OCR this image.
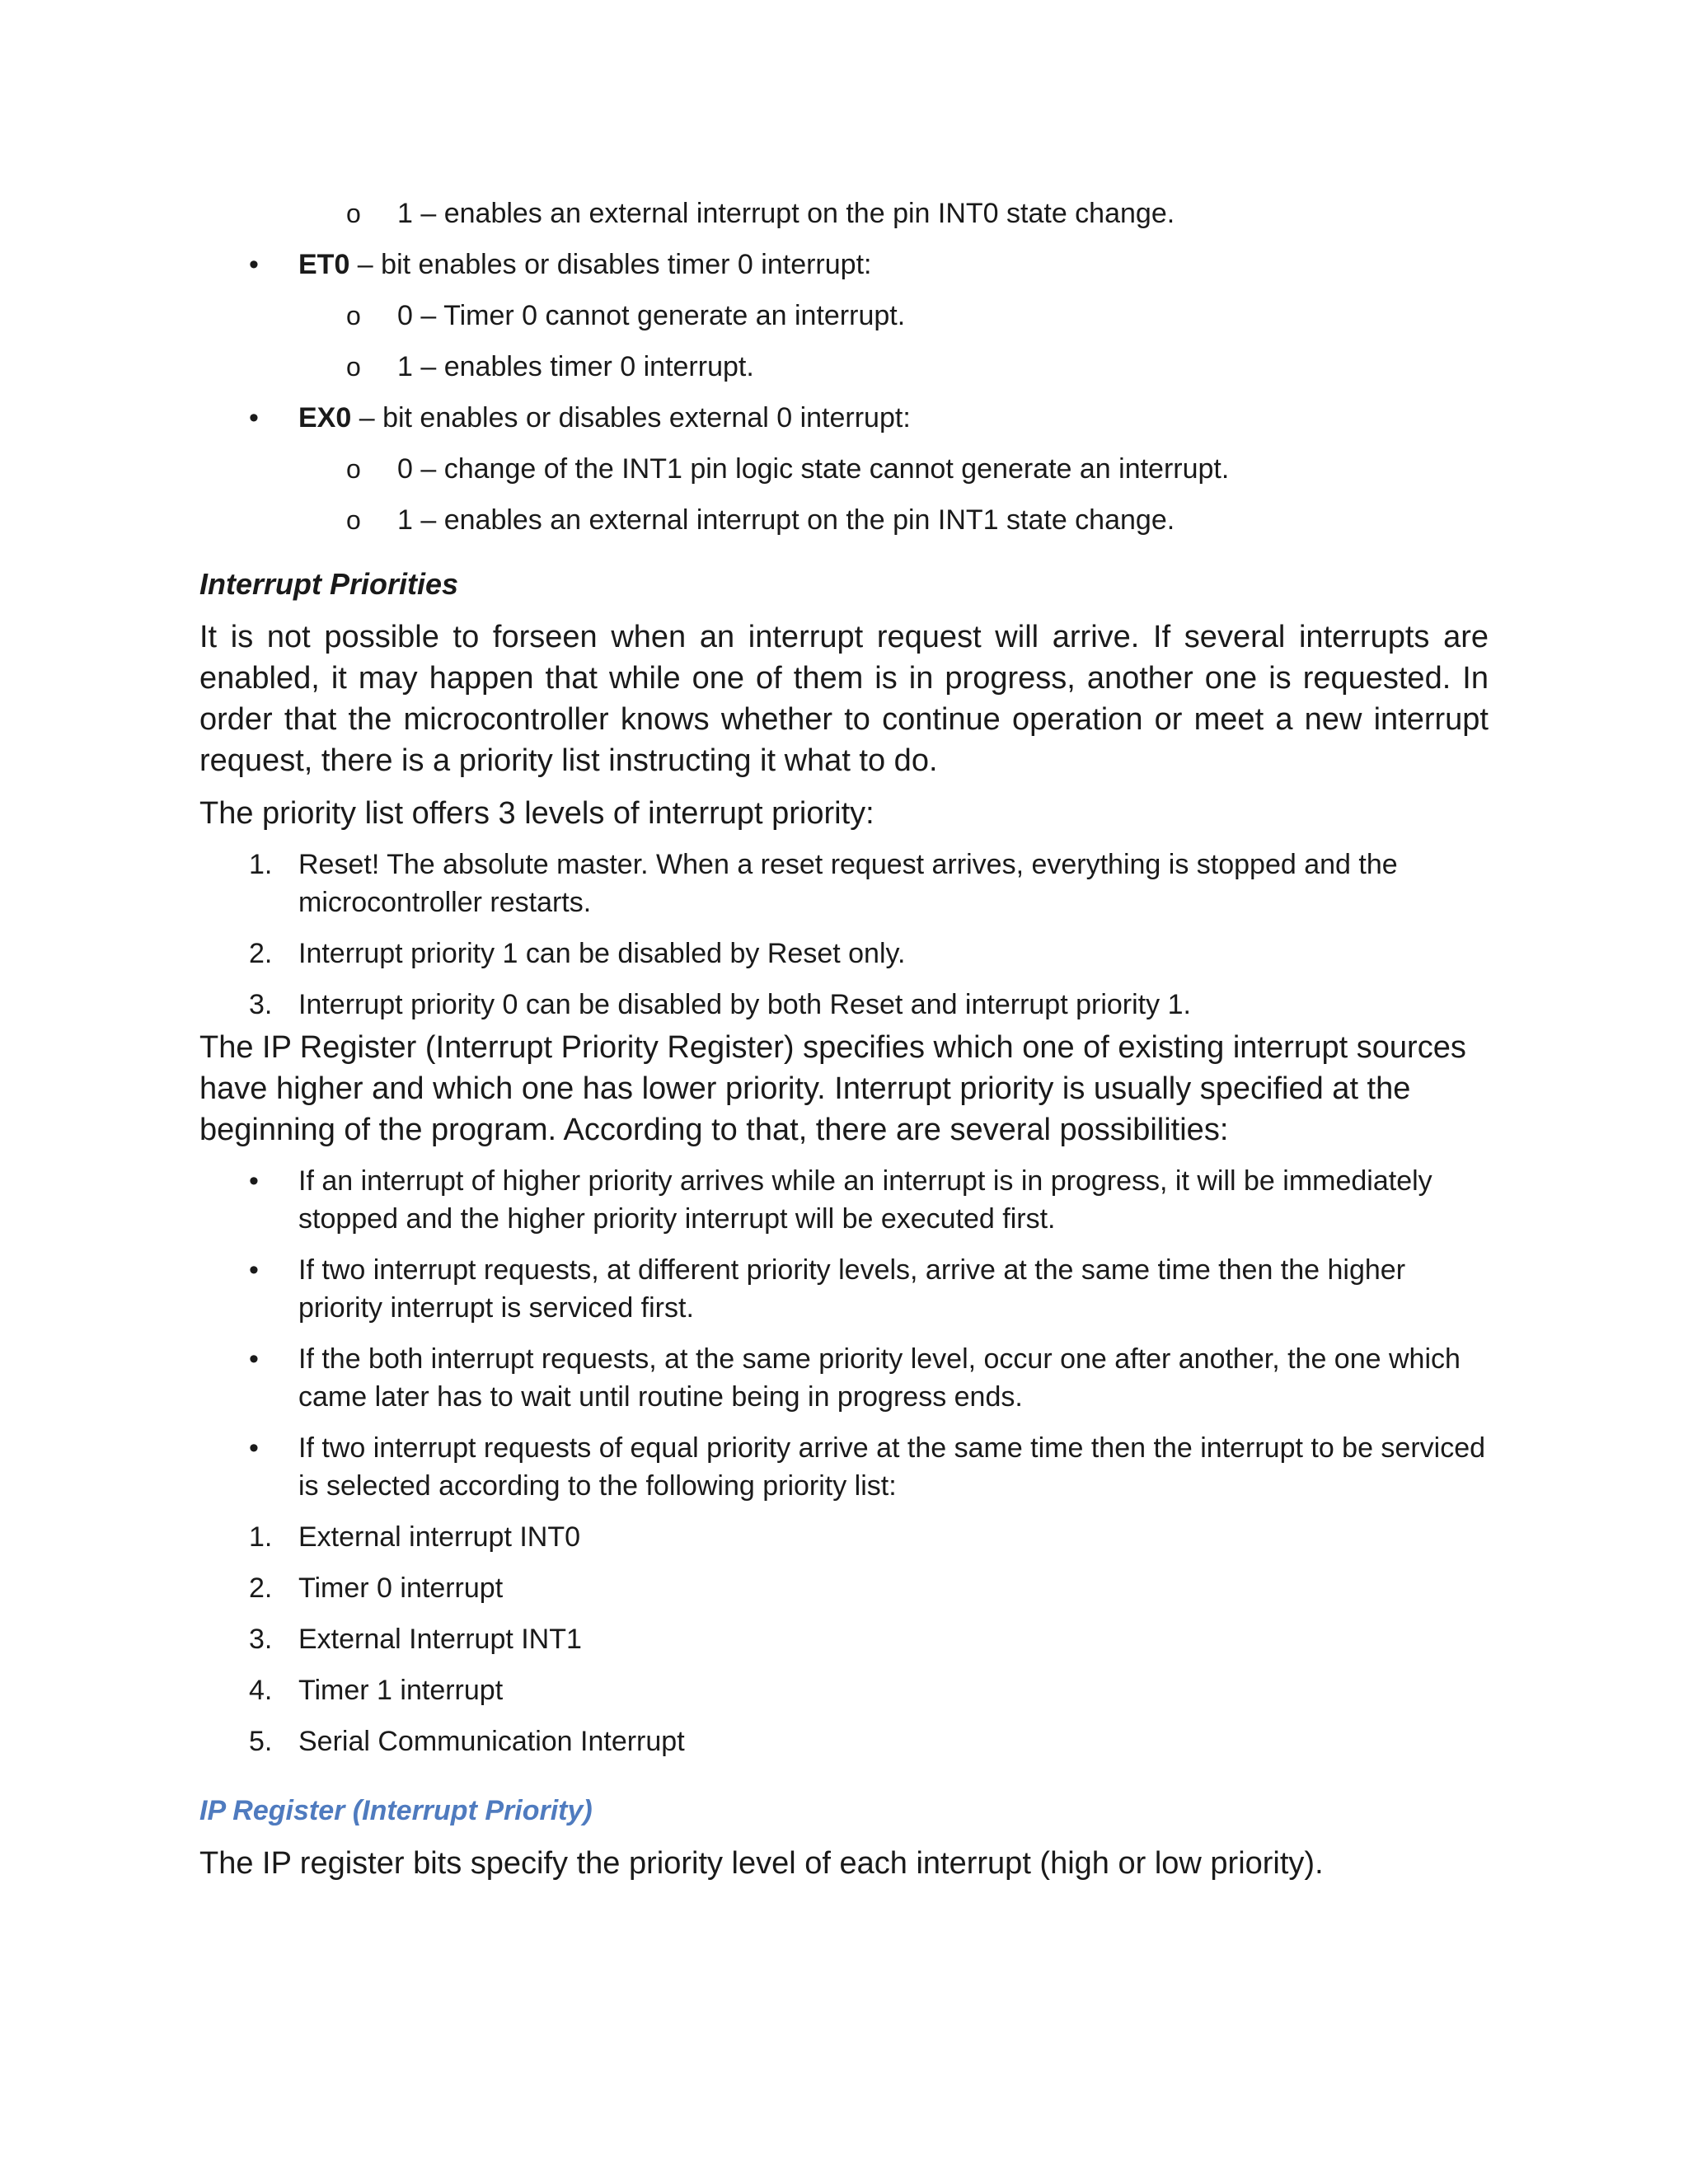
o 1 – enables an external interrupt on the pin INT0 state change.
• ET0 – bit enables or disables timer 0 interrupt:
o 0 – Timer 0 cannot generate an interrupt.
o 1 – enables timer 0 interrupt.
• EX0 – bit enables or disables external 0 interrupt:
o 0 – change of the INT1 pin logic state cannot generate an interrupt.
o 1 – enables an external interrupt on the pin INT1 state change.
Interrupt Priorities

It is not possible to forseen when an interrupt request will arrive. If several interrupts are enabled, it may happen that while one of them is in progress, another one is requested. In order that the microcontroller knows whether to continue operation or meet a new interrupt request, there is a priority list instructing it what to do.

The priority list offers 3 levels of interrupt priority:

1. Reset! The absolute master. When a reset request arrives, everything is stopped and the microcontroller restarts.
2. Interrupt priority 1 can be disabled by Reset only.
3. Interrupt priority 0 can be disabled by both Reset and interrupt priority 1.

The IP Register (Interrupt Priority Register) specifies which one of existing interrupt sources have higher and which one has lower priority. Interrupt priority is usually specified at the beginning of the program. According to that, there are several possibilities:

• If an interrupt of higher priority arrives while an interrupt is in progress, it will be immediately stopped and the higher priority interrupt will be executed first.
• If two interrupt requests, at different priority levels, arrive at the same time then the higher priority interrupt is serviced first.
• If the both interrupt requests, at the same priority level, occur one after another, the one which came later has to wait until routine being in progress ends.
• If two interrupt requests of equal priority arrive at the same time then the interrupt to be serviced is selected according to the following priority list:
1. External interrupt INT0
2. Timer 0 interrupt
3. External Interrupt INT1
4. Timer 1 interrupt
5. Serial Communication Interrupt
IP Register (Interrupt Priority)

The IP register bits specify the priority level of each interrupt (high or low priority).
